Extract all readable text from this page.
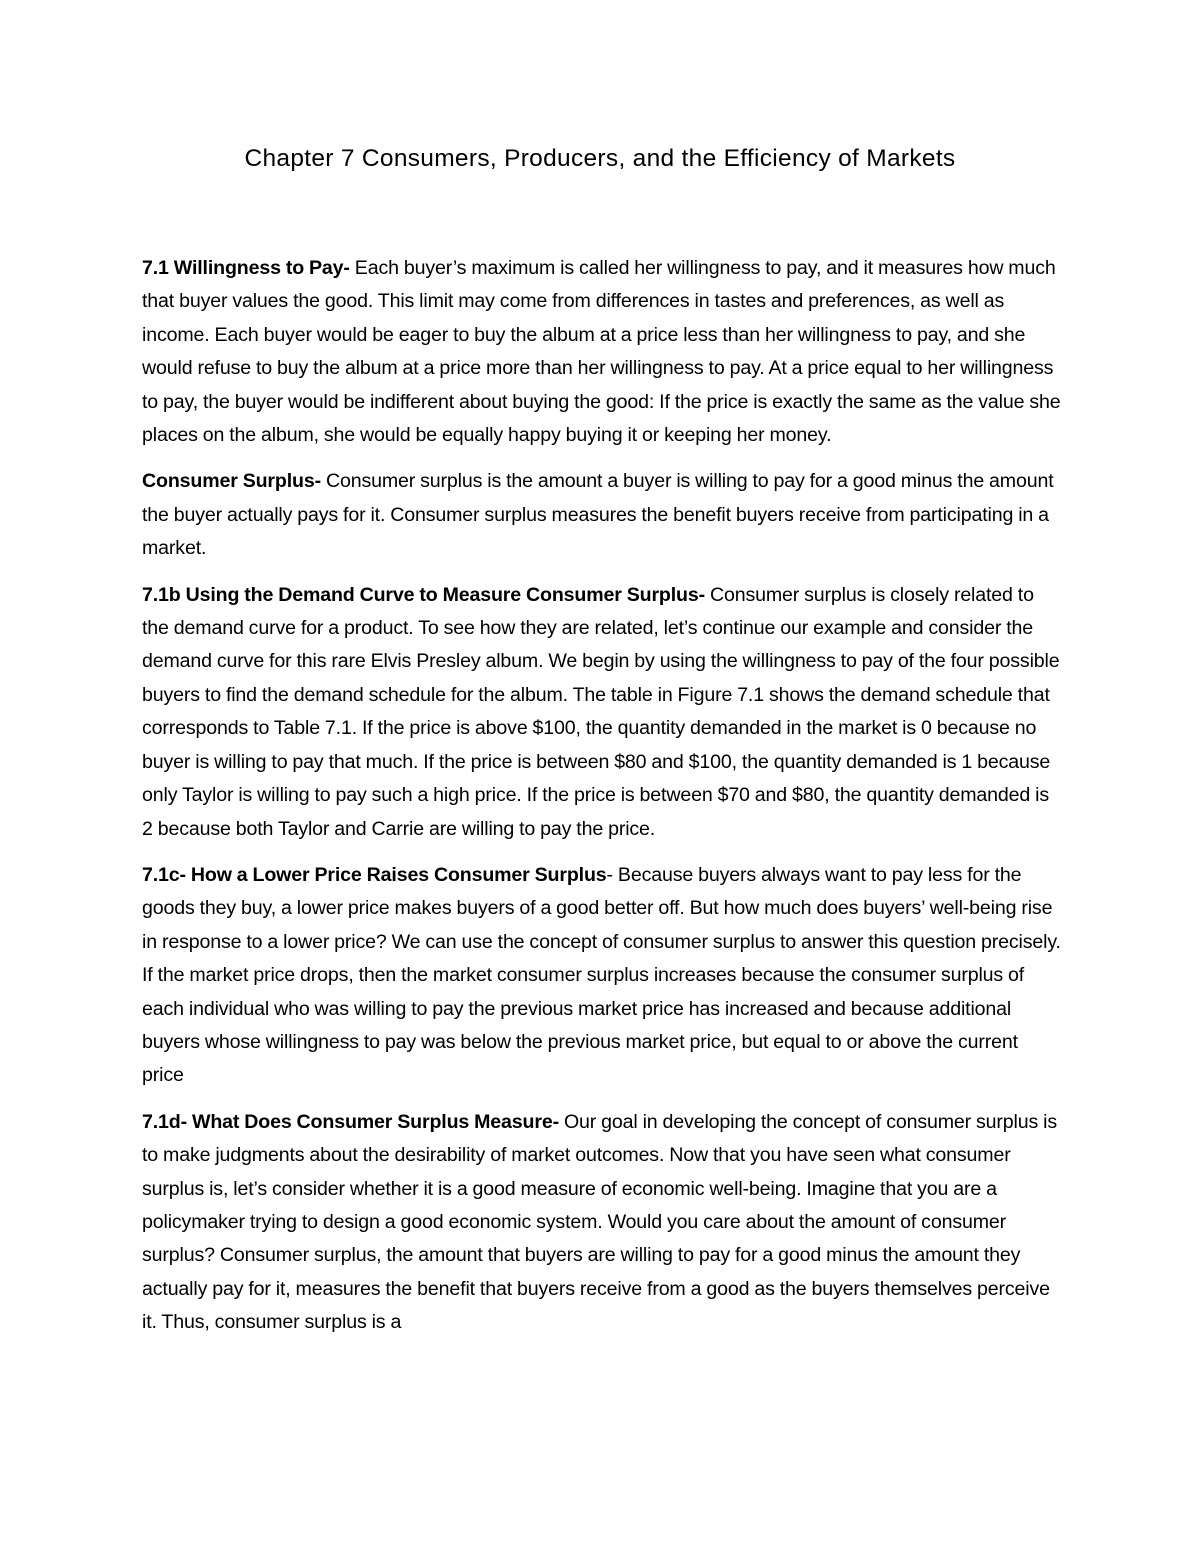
Chapter 7 Consumers, Producers, and the Efficiency of Markets

7.1 Willingness to Pay- Each buyer’s maximum is called her willingness to pay, and it measures how much that buyer values the good. This limit may come from differences in tastes and preferences, as well as income. Each buyer would be eager to buy the album at a price less than her willingness to pay, and she would refuse to buy the album at a price more than her willingness to pay. At a price equal to her willingness to pay, the buyer would be indifferent about buying the good: If the price is exactly the same as the value she places on the album, she would be equally happy buying it or keeping her money.

Consumer Surplus- Consumer surplus is the amount a buyer is willing to pay for a good minus the amount the buyer actually pays for it. Consumer surplus measures the benefit buyers receive from participating in a market.

7.1b Using the Demand Curve to Measure Consumer Surplus- Consumer surplus is closely related to the demand curve for a product. To see how they are related, let’s continue our example and consider the demand curve for this rare Elvis Presley album. We begin by using the willingness to pay of the four possible buyers to find the demand schedule for the album. The table in Figure 7.1 shows the demand schedule that corresponds to Table 7.1. If the price is above $100, the quantity demanded in the market is 0 because no buyer is willing to pay that much. If the price is between $80 and $100, the quantity demanded is 1 because only Taylor is willing to pay such a high price. If the price is between $70 and $80, the quantity demanded is 2 because both Taylor and Carrie are willing to pay the price.

7.1c- How a Lower Price Raises Consumer Surplus- Because buyers always want to pay less for the goods they buy, a lower price makes buyers of a good better off. But how much does buyers’ well-being rise in response to a lower price? We can use the concept of consumer surplus to answer this question precisely. If the market price drops, then the market consumer surplus increases because the consumer surplus of each individual who was willing to pay the previous market price has increased and because additional buyers whose willingness to pay was below the previous market price, but equal to or above the current price

7.1d- What Does Consumer Surplus Measure- Our goal in developing the concept of consumer surplus is to make judgments about the desirability of market outcomes. Now that you have seen what consumer surplus is, let’s consider whether it is a good measure of economic well-being. Imagine that you are a policymaker trying to design a good economic system. Would you care about the amount of consumer surplus? Consumer surplus, the amount that buyers are willing to pay for a good minus the amount they actually pay for it, measures the benefit that buyers receive from a good as the buyers themselves perceive it. Thus, consumer surplus is a
